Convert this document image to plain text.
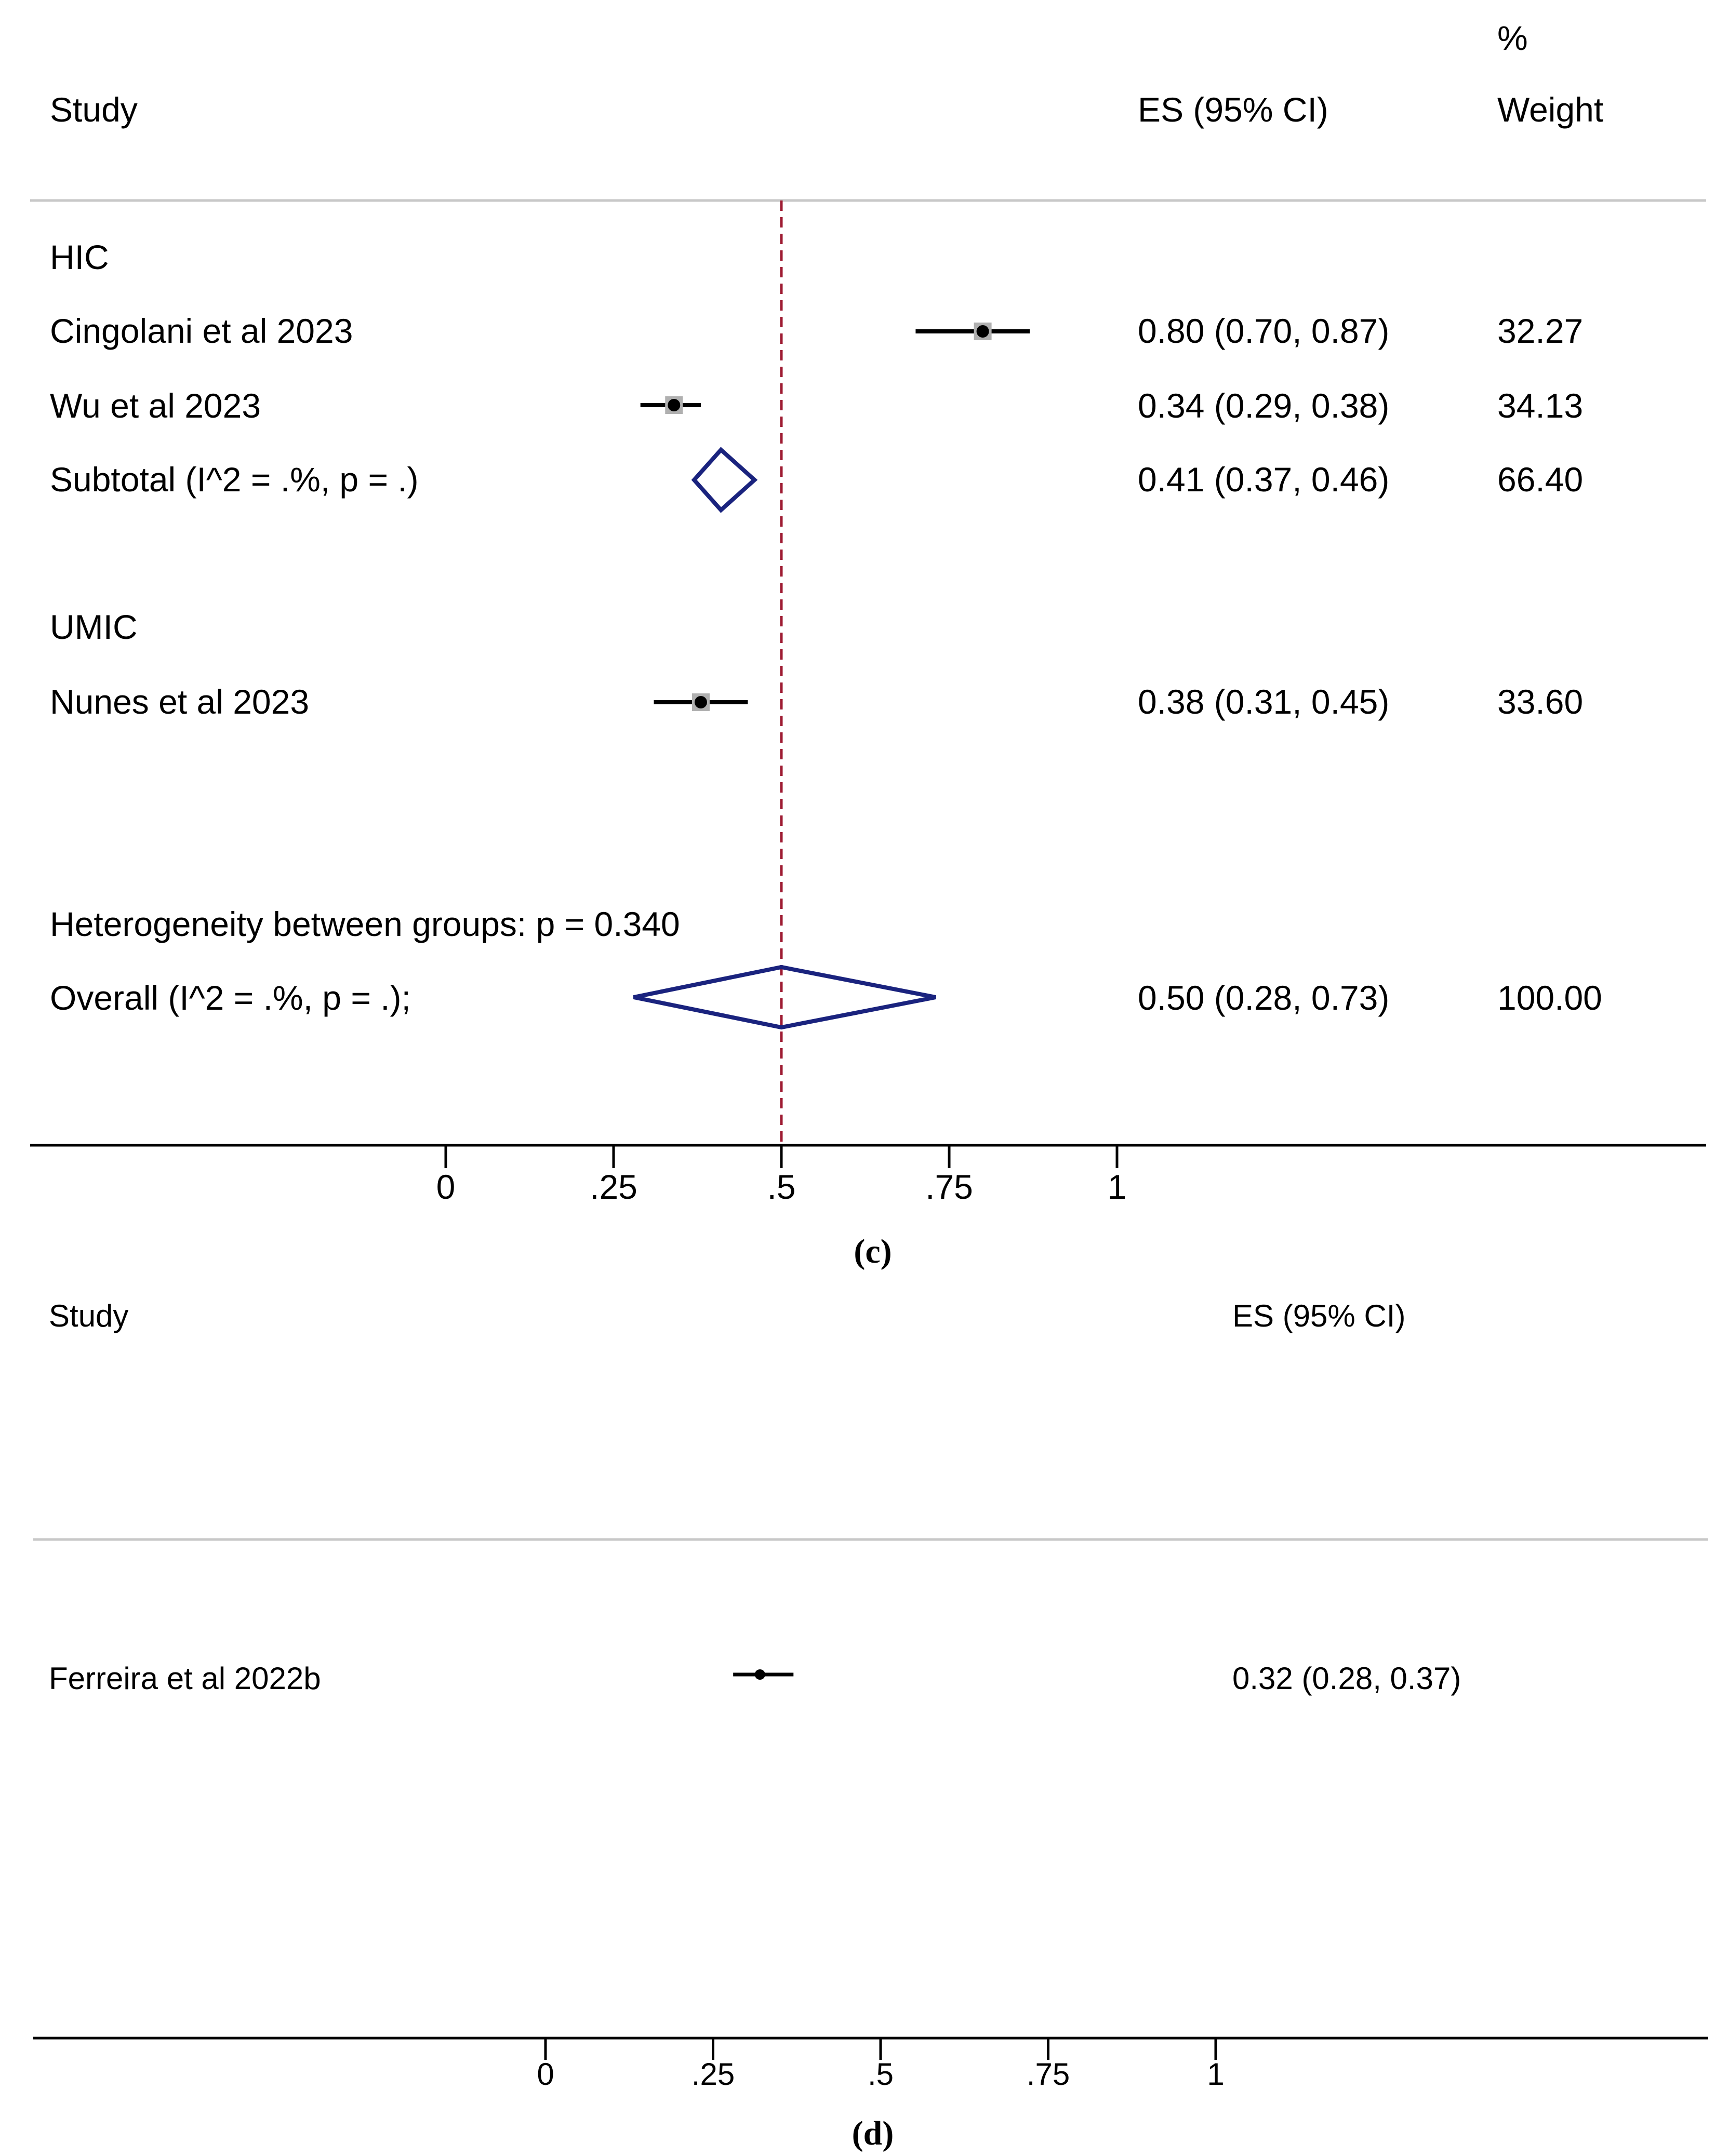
%
Study	ES (95% CI)	Weight
HIC
Cingolani et al 2023	0.80 (0.70, 0.87)	32.27
Wu et al 2023	0.34 (0.29, 0.38)	34.13
Subtotal (I^2 = .%, p = .)	0.41 (0.37, 0.46)	66.40
UMIC
Nunes et al 2023	0.38 (0.31, 0.45)	33.60
Heterogeneity between groups: p = 0.340
Overall (I^2 = .%, p = .);	0.50 (0.28, 0.73)	100.00
(c)
Study	ES (95% CI)
Ferreira et al 2022b	0.32 (0.28, 0.37)
(d)
0	.25	.5	.75	1
0	.25	.5	.75	1
